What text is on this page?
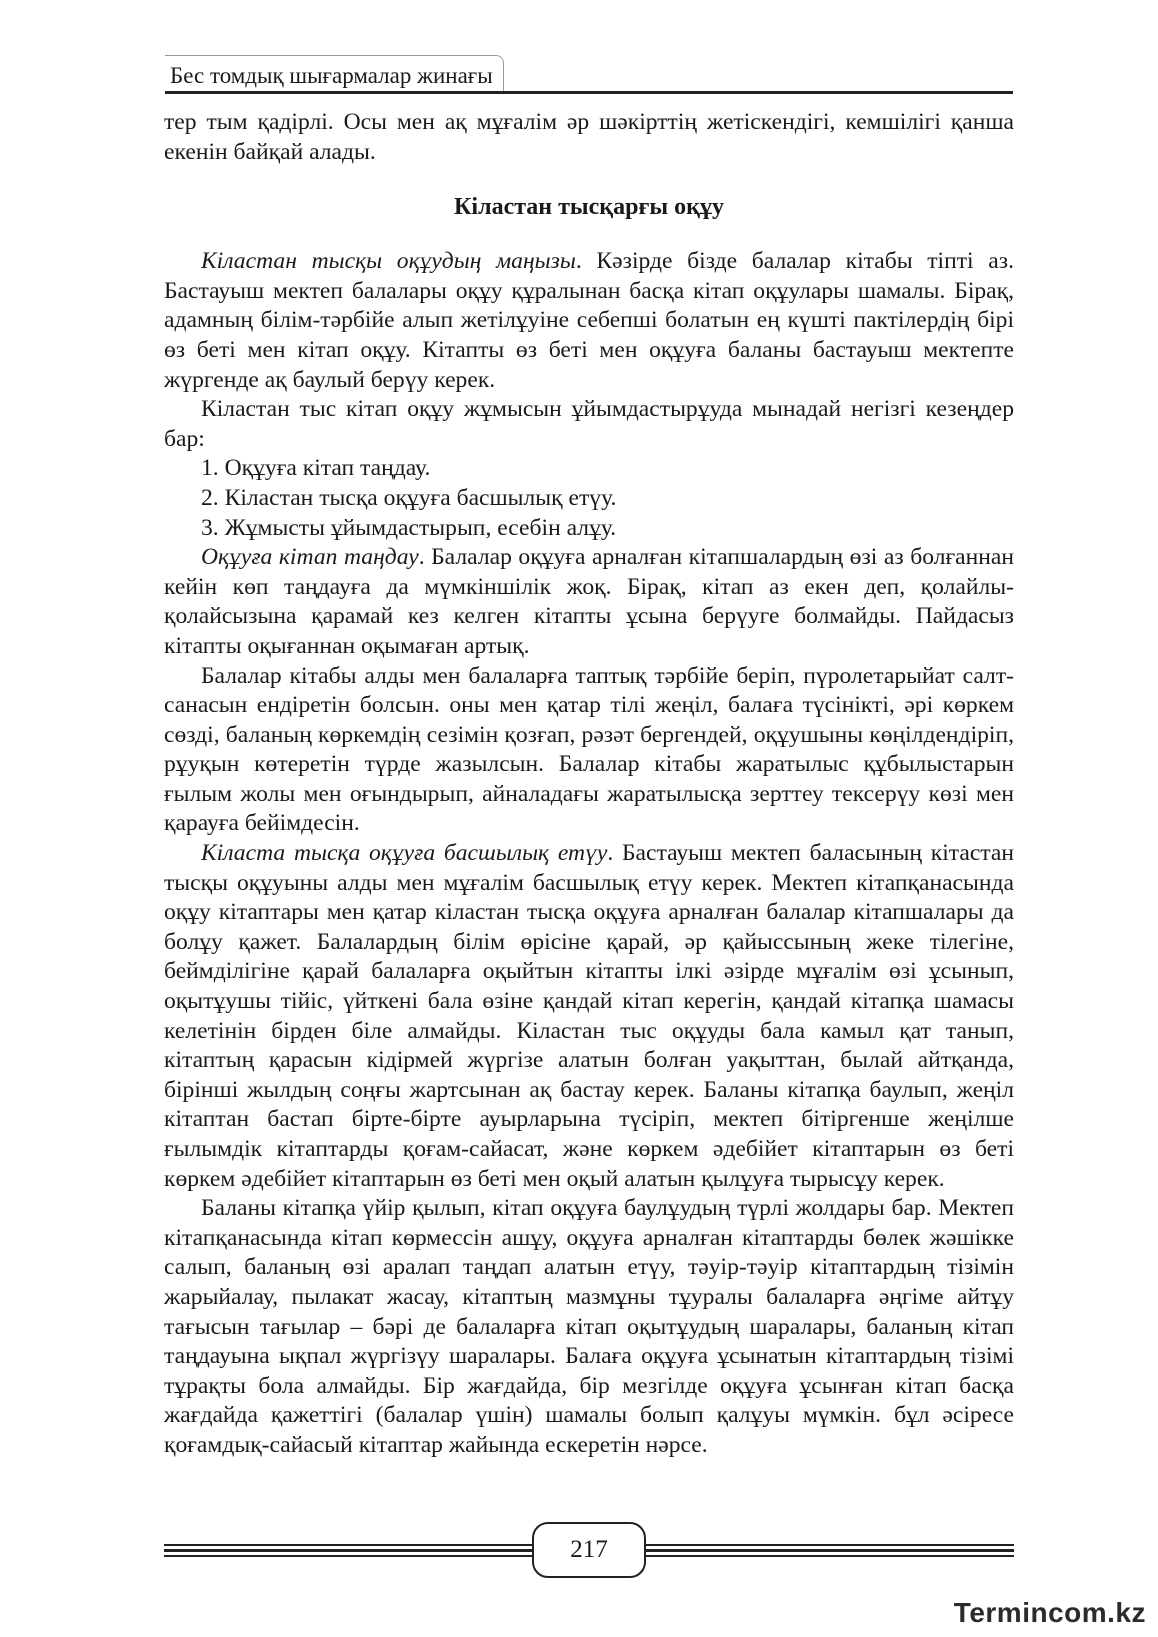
Бес томдық шығармалар жинағы

тер тым қадірлі. Осы мен ақ мұғалім әр шәкірттің жетіскендігі, кемшілігі қанша екенін байқай алады.

Кіластан тысқарғы оқұу

Кіластан тысқы оқұудың маңызы. Кәзірде бізде балалар кітабы тіпті аз. Бастауыш мектеп балалары оқұу құралынан басқа кітап оқұулары шамалы. Бірақ, адамның білім-тәрбійе алып жетілұуіне себепші болатын ең күшті пактілердің бірі өз беті мен кітап оқұу. Кітапты өз беті мен оқұуға баланы бастауыш мектепте жүргенде ақ баулый берүу керек.

Кіластан тыс кітап оқұу жұмысын ұйымдастырұуда мынадай негізгі кезеңдер бар:

1. Оқұуға кітап таңдау.

2. Кіластан тысқа оқұуға басшылық етүу.

3. Жұмысты ұйымдастырып, есебін алұу.

Оқұуға кітап таңдау. Балалар оқұуға арналған кітапшалардың өзі аз болғаннан кейін көп таңдауға да мүмкіншілік жоқ. Бірақ, кітап аз екен деп, қолайлы-қолайсызына қарамай кез келген кітапты ұсына берүуге болмайды. Пайдасыз кітапты оқығаннан оқымаған артық.

Балалар кітабы алды мен балаларға таптық тәрбійе беріп, пүролетарыйат салт-санасын ендіретін болсын. оны мен қатар тілі жеңіл, балаға түсінікті, әрі көркем сөзді, баланың көркемдің сезімін қозғап, рәзәт бергендей, оқұушыны көңілдендіріп, рұуқын көтеретін түрде жазылсын. Балалар кітабы жаратылыс құбылыстарын ғылым жолы мен оғындырып, айналадағы жаратылысқа зерттеу тексерүу көзі мен қарауға бейімдесін.

Кіласта тысқа оқұуға басшылық етүу. Бастауыш мектеп баласының кітастан тысқы оқұуыны алды мен мұғалім басшылық етүу керек. Мектеп кітапқанасында оқұу кітаптары мен қатар кіластан тысқа оқұуға арналған балалар кітапшалары да болұу қажет. Балалардың білім өрісіне қарай, әр қайыссының жеке тілегіне, беймділігіне қарай балаларға оқыйтын кітапты ілкі әзірде мұғалім өзі ұсынып, оқытұушы тійіс, үйткені бала өзіне қандай кітап керегін, қандай кітапқа шамасы келетінін бірден біле алмайды. Кіластан тыс оқұуды бала камыл қат танып, кітаптың қарасын кідірмей жүргізе алатын болған уақыттан, былай айтқанда, бірінші жылдың соңғы жартсынан ақ бастау керек. Баланы кітапқа баулып, жеңіл кітаптан бастап бірте-бірте ауырларына түсіріп, мектеп бітіргенше жеңілше ғылымдік кітаптарды қоғам-сайасат, және көркем әдебійет кітаптарын өз беті көркем әдебійет кітаптарын өз беті мен оқый алатын қылұуға тырысұу керек.

Баланы кітапқа үйір қылып, кітап оқұуға баулұудың түрлі жолдары бар. Мектеп кітапқанасында кітап көрмессін ашұу, оқұуға арналған кітаптарды бөлек жәшікке салып, баланың өзі аралап таңдап алатын етүу, тәуір-тәуір кітаптардың тізімін жарыйалау, пылакат жасау, кітаптың мазмұны тұуралы балаларға әңгіме айтұу тағысын тағылар – бәрі де балаларға кітап оқытұудың шаралары, баланың кітап таңдауына ықпал жүргізүу шаралары. Балаға оқұуға ұсынатын кітаптардың тізімі тұрақты бола алмайды. Бір жағдайда, бір мезгілде оқұуға ұсынған кітап басқа жағдайда қажеттігі (балалар үшін) шамалы болып қалұуы мүмкін. бұл әсіресе қоғамдық-сайасый кітаптар жайында ескеретін нәрсе.

217
Termincom.kz
